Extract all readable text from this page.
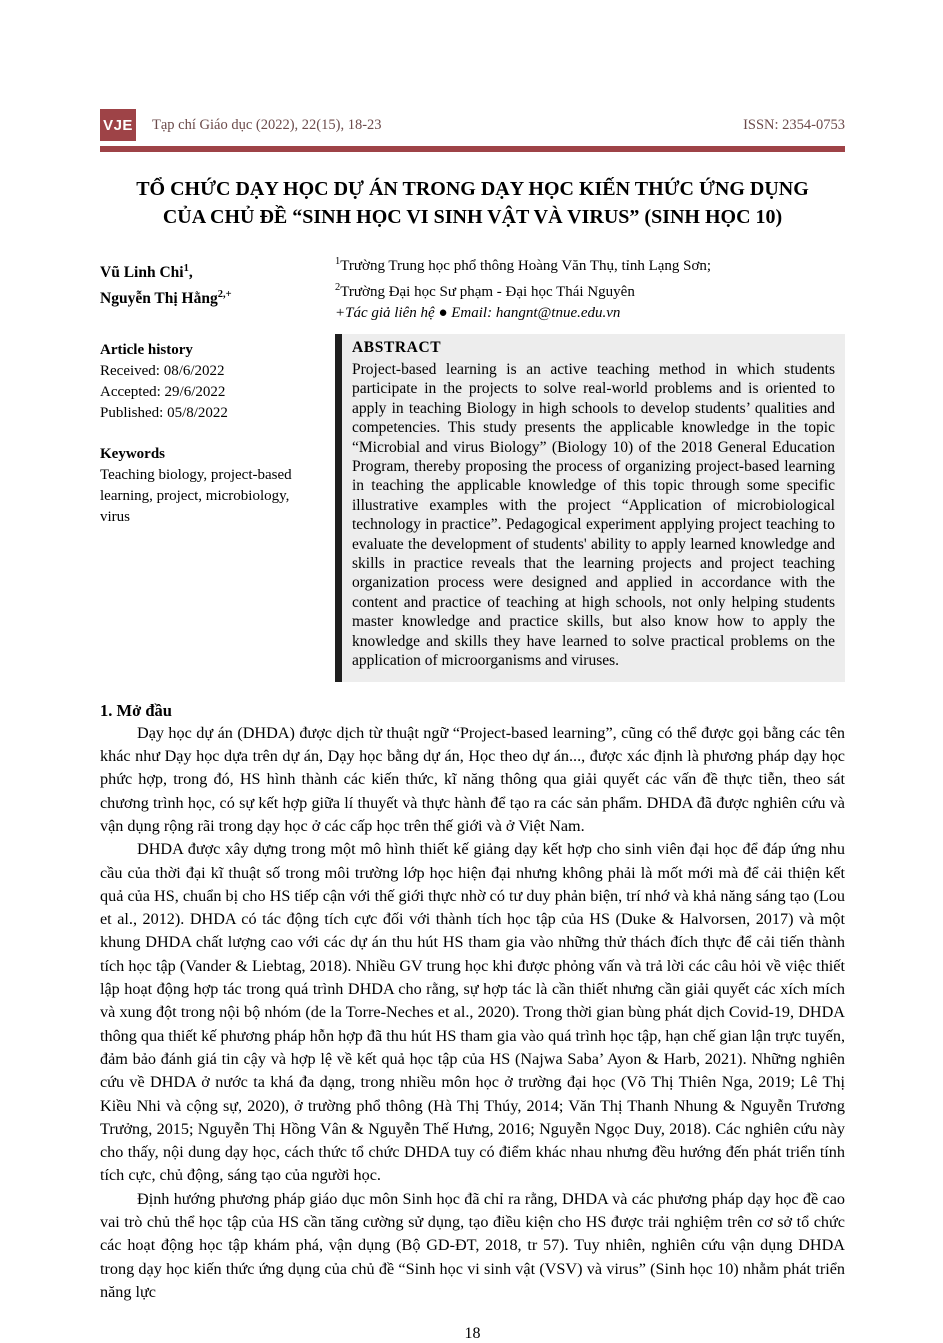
VJE Tạp chí Giáo dục (2022), 22(15), 18-23	ISSN: 2354-0753
TỔ CHỨC DẠY HỌC DỰ ÁN TRONG DẠY HỌC KIẾN THỨC ỨNG DỤNG
CỦA CHỦ ĐỀ “SINH HỌC VI SINH VẬT VÀ VIRUS” (SINH HỌC 10)
Vũ Linh Chi$^1$,
Nguyễn Thị Hằng$^{2,+}$
$^1$Trường Trung học phổ thông Hoàng Văn Thụ, tỉnh Lạng Sơn;
$^2$Trường Đại học Sư phạm - Đại học Thái Nguyên
+Tác giả liên hệ ● Email: hangnt@tnue.edu.vn
Article history
Received: 08/6/2022
Accepted: 29/6/2022
Published: 05/8/2022
Keywords
Teaching biology, project-based learning, project, microbiology, virus
ABSTRACT
Project-based learning is an active teaching method in which students participate in the projects to solve real-world problems and is oriented to apply in teaching Biology in high schools to develop students’ qualities and competencies. This study presents the applicable knowledge in the topic “Microbial and virus Biology” (Biology 10) of the 2018 General Education Program, thereby proposing the process of organizing project-based learning in teaching the applicable knowledge of this topic through some specific illustrative examples with the project “Application of microbiological technology in practice”. Pedagogical experiment applying project teaching to evaluate the development of students' ability to apply learned knowledge and skills in practice reveals that the learning projects and project teaching organization process were designed and applied in accordance with the content and practice of teaching at high schools, not only helping students master knowledge and practice skills, but also know how to apply the knowledge and skills they have learned to solve practical problems on the application of microorganisms and viruses.
1. Mở đầu

Dạy học dự án (DHDA) được dịch từ thuật ngữ “Project-based learning”, cũng có thể được gọi bằng các tên khác như Dạy học dựa trên dự án, Dạy học bằng dự án, Học theo dự án..., được xác định là phương pháp dạy học phức hợp, trong đó, HS hình thành các kiến thức, kĩ năng thông qua giải quyết các vấn đề thực tiễn, theo sát chương trình học, có sự kết hợp giữa lí thuyết và thực hành để tạo ra các sản phẩm. DHDA đã được nghiên cứu và vận dụng rộng rãi trong dạy học ở các cấp học trên thế giới và ở Việt Nam.

DHDA được xây dựng trong một mô hình thiết kế giảng dạy kết hợp cho sinh viên đại học để đáp ứng nhu cầu của thời đại kĩ thuật số trong môi trường lớp học hiện đại nhưng không phải là mốt mới mà để cải thiện kết quả của HS, chuẩn bị cho HS tiếp cận với thế giới thực nhờ có tư duy phản biện, trí nhớ và khả năng sáng tạo (Lou et al., 2012). DHDA có tác động tích cực đối với thành tích học tập của HS (Duke & Halvorsen, 2017) và một khung DHDA chất lượng cao với các dự án thu hút HS tham gia vào những thử thách đích thực để cải tiến thành tích học tập (Vander & Liebtag, 2018). Nhiều GV trung học khi được phỏng vấn và trả lời các câu hỏi về việc thiết lập hoạt động hợp tác trong quá trình DHDA cho rằng, sự hợp tác là cần thiết nhưng cần giải quyết các xích mích và xung đột trong nội bộ nhóm (de la Torre-Neches et al., 2020). Trong thời gian bùng phát dịch Covid-19, DHDA thông qua thiết kế phương pháp hỗn hợp đã thu hút HS tham gia vào quá trình học tập, hạn chế gian lận trực tuyến, đảm bảo đánh giá tin cậy và hợp lệ về kết quả học tập của HS (Najwa Saba’ Ayon & Harb, 2021). Những nghiên cứu về DHDA ở nước ta khá đa dạng, trong nhiều môn học ở trường đại học (Võ Thị Thiên Nga, 2019; Lê Thị Kiều Nhi và cộng sự, 2020), ở trường phổ thông (Hà Thị Thúy, 2014; Văn Thị Thanh Nhung & Nguyễn Trương Trưởng, 2015; Nguyễn Thị Hồng Vân & Nguyễn Thế Hưng, 2016; Nguyễn Ngọc Duy, 2018). Các nghiên cứu này cho thấy, nội dung dạy học, cách thức tổ chức DHDA tuy có điểm khác nhau nhưng đều hướng đến phát triển tính tích cực, chủ động, sáng tạo của người học.

Định hướng phương pháp giáo dục môn Sinh học đã chỉ ra rằng, DHDA và các phương pháp dạy học đề cao vai trò chủ thể học tập của HS cần tăng cường sử dụng, tạo điều kiện cho HS được trải nghiệm trên cơ sở tổ chức các hoạt động học tập khám phá, vận dụng (Bộ GD-ĐT, 2018, tr 57). Tuy nhiên, nghiên cứu vận dụng DHDA trong dạy học kiến thức ứng dụng của chủ đề “Sinh học vi sinh vật (VSV) và virus” (Sinh học 10) nhằm phát triển năng lực

18
